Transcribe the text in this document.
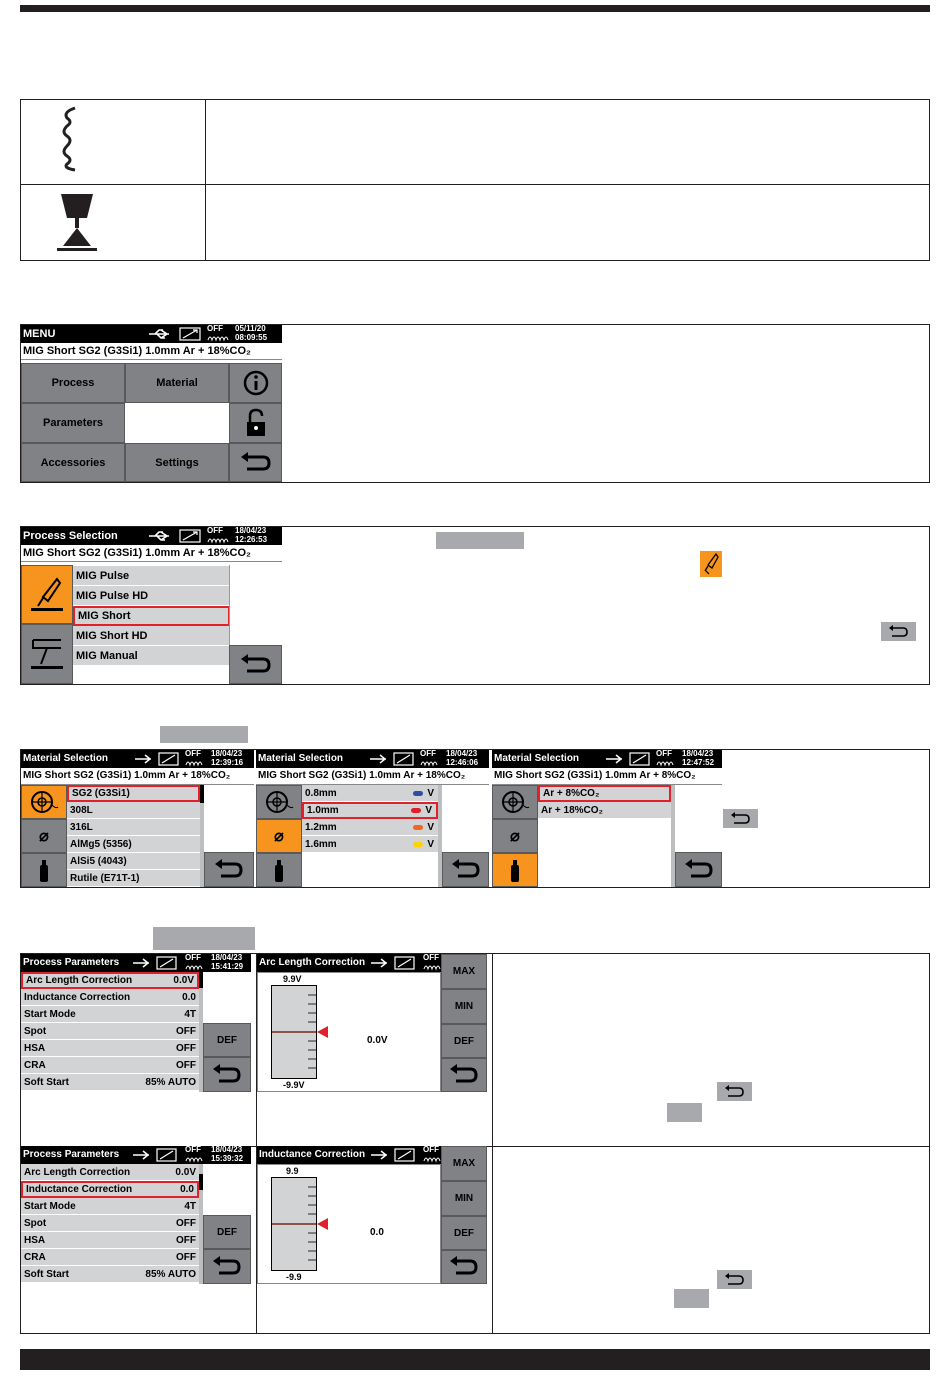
MENU	OFF 05/11/20
08:09:55
MIG Short SG2 (G3Si1) 1.0mm Ar + 18%CO₂
Process	Material
Parameters
Accessories	Settings
Process Selection	OFF 18/04/23
12:26:53
MIG Short SG2 (G3Si1) 1.0mm Ar + 18%CO₂
MIG Pulse
MIG Pulse HD
MIG Short
MIG Short HD
MIG Manual
Material Selection	OFF 18/04/23
12:39:16
MIG Short SG2 (G3Si1) 1.0mm Ar + 18%CO₂
⌀
SG2 (G3Si1)
308L
316L
AlMg5 (5356)
AlSi5 (4043)
Rutile (E71T-1)
Material Selection	OFF 18/04/23
12:46:06
MIG Short SG2 (G3Si1) 1.0mm Ar + 18%CO₂
⌀
0.8mm	V
1.0mm	V
1.2mm	V
1.6mm	V
Material Selection	OFF 18/04/23
12:47:52
MIG Short SG2 (G3Si1) 1.0mm Ar + 8%CO₂
⌀
Ar + 8%CO₂
Ar + 18%CO₂
Process Parameters	OFF 18/04/23
15:41:29
Arc Length Correction	0.0V
Inductance Correction	0.0
Start Mode	4T
Spot	OFF
HSA	OFF
CRA	OFF
Soft Start	85% AUTO
DEF
Arc Length Correction	OFF
9.9V
-9.9V
0.0V
MAX
MIN
DEF
Process Parameters	OFF 18/04/23
15:39:32
Arc Length Correction	0.0V
Inductance Correction	0.0
Start Mode	4T
Spot	OFF
HSA	OFF
CRA	OFF
Soft Start	85% AUTO
DEF
Inductance Correction	OFF
9.9
-9.9
0.0
MAX
MIN
DEF
